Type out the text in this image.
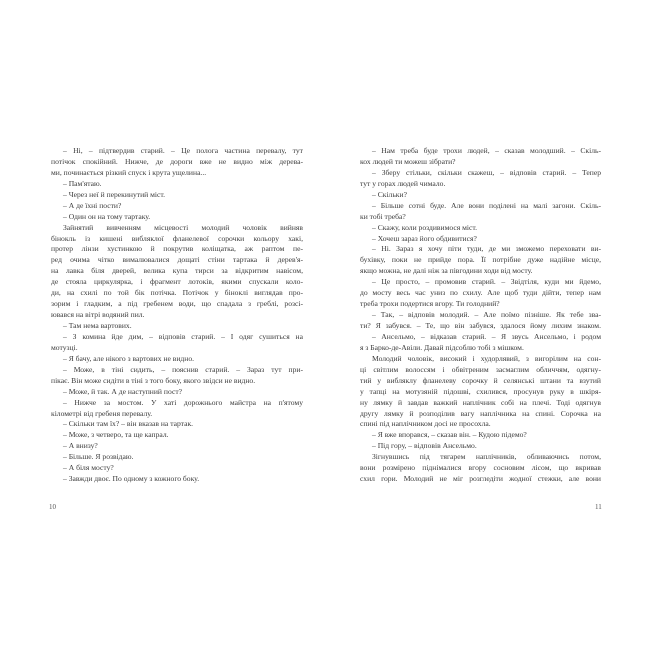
– Ні, – підтвердив старий. – Це полога частина перевалу, тут
потічок спокійний. Нижче, де дороги вже не видно між дерева-
ми, починається різкий спуск і крута ущелина...
– Пам'ятаю.
– Через неї й перекинутий міст.
– А де їхні пости?
– Один он на тому тартаку.
Зайнятий вивченням місцевості молодий чоловік вийняв
бінокль із кишені вибляклої фланелевої сорочки кольору хакі,
протер лінзи хустинкою й покрутив коліщатка, аж раптом пе-
ред очима чітко вималювалися дощаті стіни тартака й дерев'я-
на лавка біля дверей, велика купа тирси за відкритим навісом,
де стояла циркулярка, і фрагмент лотоків, якими спускали коло-
ди, на схилі по той бік потічка. Потічок у біноклі виглядав про-
зорим і гладким, а під гребенем води, що спадала з греблі, розсі-
ювався на вітрі водяний пил.
– Там нема вартових.
– З комина йде дим, – відповів старий. – І одяг сушиться на
мотузці.
– Я бачу, але нікого з вартових не видно.
– Може, в тіні сидить, – пояснив старий. – Зараз тут при-
пікає. Він може сидіти в тіні з того боку, якого звідси не видно.
– Може, й так. А де наступний пост?
– Нижче за мостом. У хаті дорожнього майстра на п'ятому
кілометрі від гребеня перевалу.
– Скільки там їх? – він вказав на тартак.
– Може, з четверо, та ще капрал.
– А внизу?
– Більше. Я розвідаю.
– А біля мосту?
– Завжди двоє. По одному з кожного боку.
– Нам треба буде трохи людей, – сказав молодший. – Скіль-
кох людей ти можеш зібрати?
– Зберу стільки, скільки скажеш, – відповів старий. – Тепер
тут у горах людей чимало.
– Скільки?
– Більше сотні буде. Але вони поділені на малі загони. Скіль-
ки тобі треба?
– Скажу, коли роздивимося міст.
– Хочеш зараз його обдивитися?
– Ні. Зараз я хочу піти туди, де ми зможемо переховати ви-
бухівку, поки не прийде пора. Її потрібне дуже надійне місце,
якщо можна, не далі ніж за півгодини ходи від мосту.
– Це просто, – промовив старий. – Звідтіля, куди ми йдемо,
до мосту весь час униз по схилу. Але щоб туди дійти, тепер нам
треба трохи подертися вгору. Ти голодний?
– Так, – відповів молодий. – Але поїмо пізніше. Як тебе зва-
ти? Я забувся. – Те, що він забувся, здалося йому лихим знаком.
– Ансельмо, – відказав старий. – Я звусь Ансельмо, і родом
я з Барко-де-Авіли. Давай підсоблю тобі з мішком.
Молодий чоловік, високий і худорлявий, з вигорілим на сон-
ці світлим волоссям і обвітреним засмаглим обличчям, одягну-
тий у вибляклу фланелеву сорочку й селянські штани та взутий
у тапці на мотузяній підошві, схилився, просунув руку в шкіря-
ну лямку й завдав важкий наплічник собі на плечі. Тоді одягнув
другу лямку й розподілив вагу наплічника на спині. Сорочка на
спині під наплічником досі не просохла.
– Я вже впорався, – сказав він. – Кудою підемо?
– Під гору, – відповів Ансельмо.
Зігнувшись під тягарем наплічників, обливаючись потом,
вони розмірено піднімалися вгору сосновим лісом, що вкривав
схил гори. Молодий не міг розгледіти жодної стежки, але вони
10	11
